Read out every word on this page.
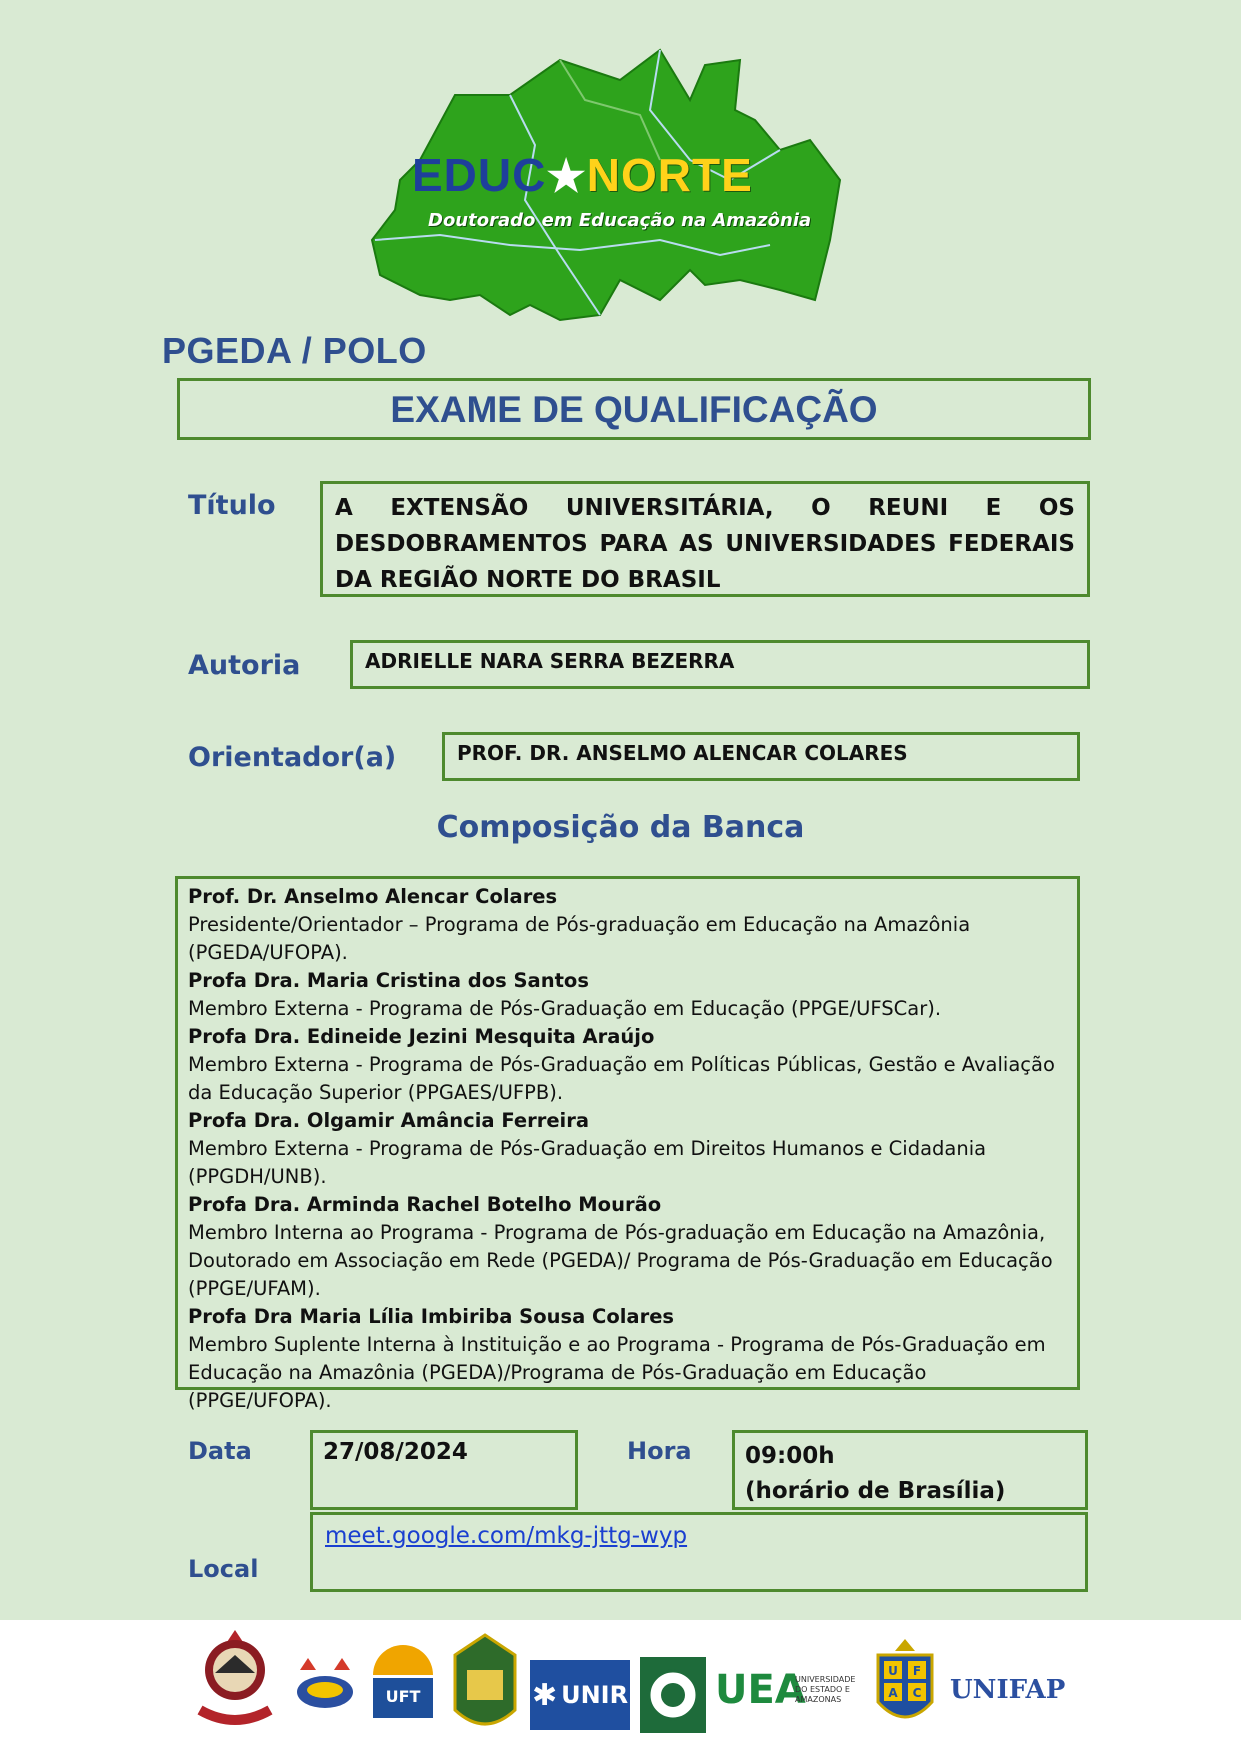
EDUC★NORTE
Doutorado em Educação na Amazônia
PGEDA / POLO
EXAME DE QUALIFICAÇÃO
Título	A EXTENSÃO UNIVERSITÁRIA, O REUNI E OS DESDOBRAMENTOS PARA AS UNIVERSIDADES FEDERAIS DA REGIÃO NORTE DO BRASIL
Autoria	ADRIELLE NARA SERRA BEZERRA
Orientador(a)	PROF. DR. ANSELMO ALENCAR COLARES
Composição da Banca
Prof. Dr. Anselmo Alencar Colares
Presidente/Orientador – Programa de Pós-graduação em Educação na Amazônia (PGEDA/UFOPA).
Profa Dra. Maria Cristina dos Santos
Membro Externa - Programa de Pós-Graduação em Educação (PPGE/UFSCar).
Profa Dra. Edineide Jezini Mesquita Araújo
Membro Externa - Programa de Pós-Graduação em Políticas Públicas, Gestão e Avaliação da Educação Superior (PPGAES/UFPB).
Profa Dra. Olgamir Amância Ferreira
Membro Externa - Programa de Pós-Graduação em Direitos Humanos e Cidadania (PPGDH/UNB).
Profa Dra. Arminda Rachel Botelho Mourão
Membro Interna ao Programa - Programa de Pós-graduação em Educação na Amazônia, Doutorado em Associação em Rede (PGEDA)/ Programa de Pós-Graduação em Educação (PPGE/UFAM).
Profa Dra Maria Lília Imbiriba Sousa Colares
Membro Suplente Interna à Instituição e ao Programa - Programa de Pós-Graduação em Educação na Amazônia (PGEDA)/Programa de Pós-Graduação em Educação (PPGE/UFOPA).
Data	27/08/2024	Hora 09:00h
(horário de Brasília)
Local
meet.google.com/mkg-jttg-wyp
UFT	✱ UNIR UEA
UNIVERSIDADE
DO ESTADO E
AMAZONAS
U F
A C UNIFAP
